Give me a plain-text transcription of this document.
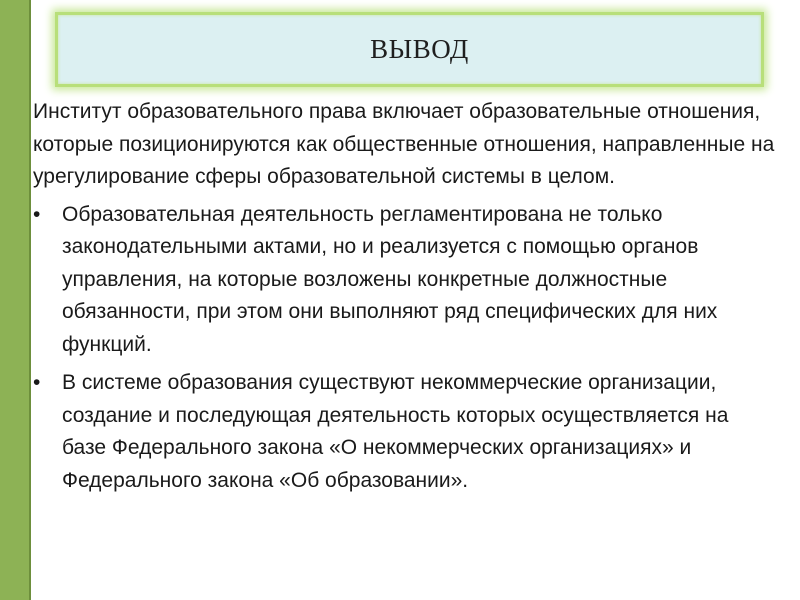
ВЫВОД

Институт образовательного права включает образовательные отношения, которые позиционируются как общественные отношения, направленные на урегулирование сферы образовательной системы в целом.

• Образовательная деятельность регламентирована не только законодательными актами, но и реализуется с помощью органов управления, на которые возложены конкретные должностные обязанности, при этом они выполняют ряд специфических для них функций.
• В системе образования существуют некоммерческие организации, создание и последующая деятельность которых осуществляется на базе Федерального закона «О некоммерческих организациях» и Федерального закона «Об образовании».
